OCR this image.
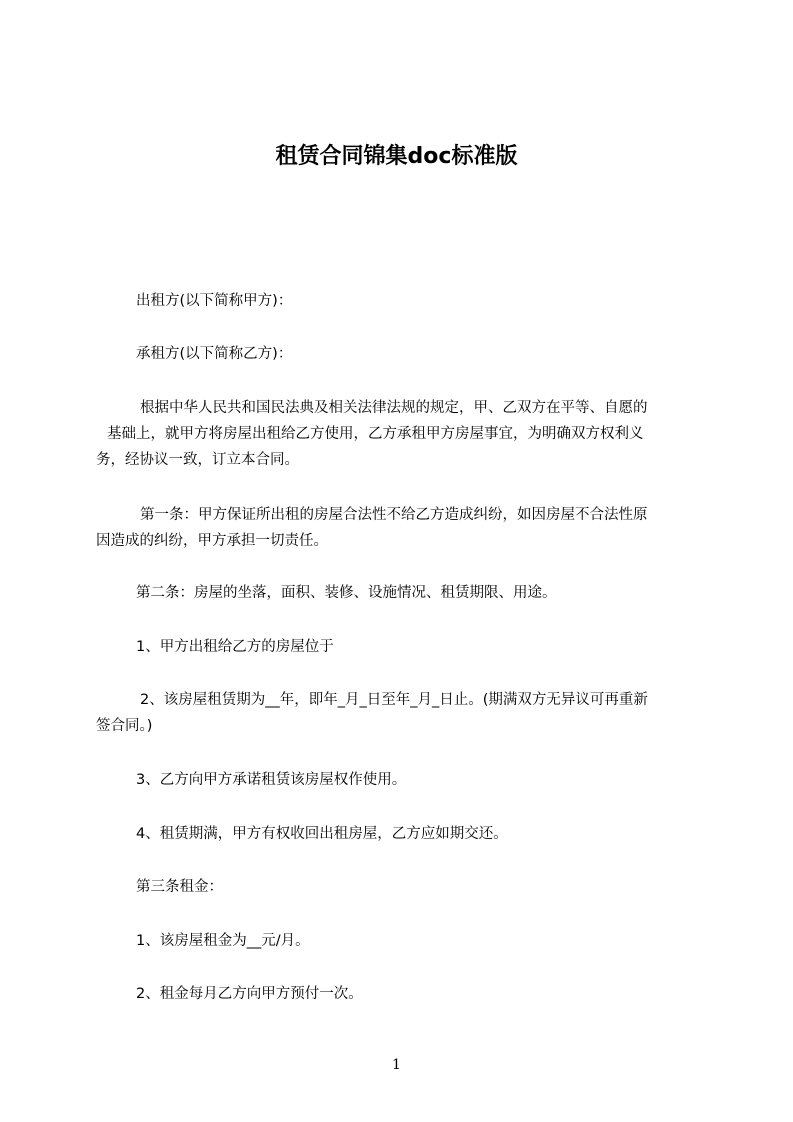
租赁合同锦集doc标准版
出租方(以下简称甲方)：
承租方(以下简称乙方)：
根据中华人民共和国民法典及相关法律法规的规定，甲、乙双方在平等、自愿的
基础上，就甲方将房屋出租给乙方使用，乙方承租甲方房屋事宜，为明确双方权利义
务，经协议一致，订立本合同。
第一条：甲方保证所出租的房屋合法性不给乙方造成纠纷，如因房屋不合法性原
因造成的纠纷，甲方承担一切责任。
第二条：房屋的坐落，面积、装修、设施情况、租赁期限、用途。
1、甲方出租给乙方的房屋位于
2、该房屋租赁期为__年，即年_月_日至年_月_日止。(期满双方无异议可再重新
签合同。)
3、乙方向甲方承诺租赁该房屋权作使用。
4、租赁期满，甲方有权收回出租房屋，乙方应如期交还。
第三条租金：
1、该房屋租金为__元/月。
2、租金每月乙方向甲方预付一次。
1
